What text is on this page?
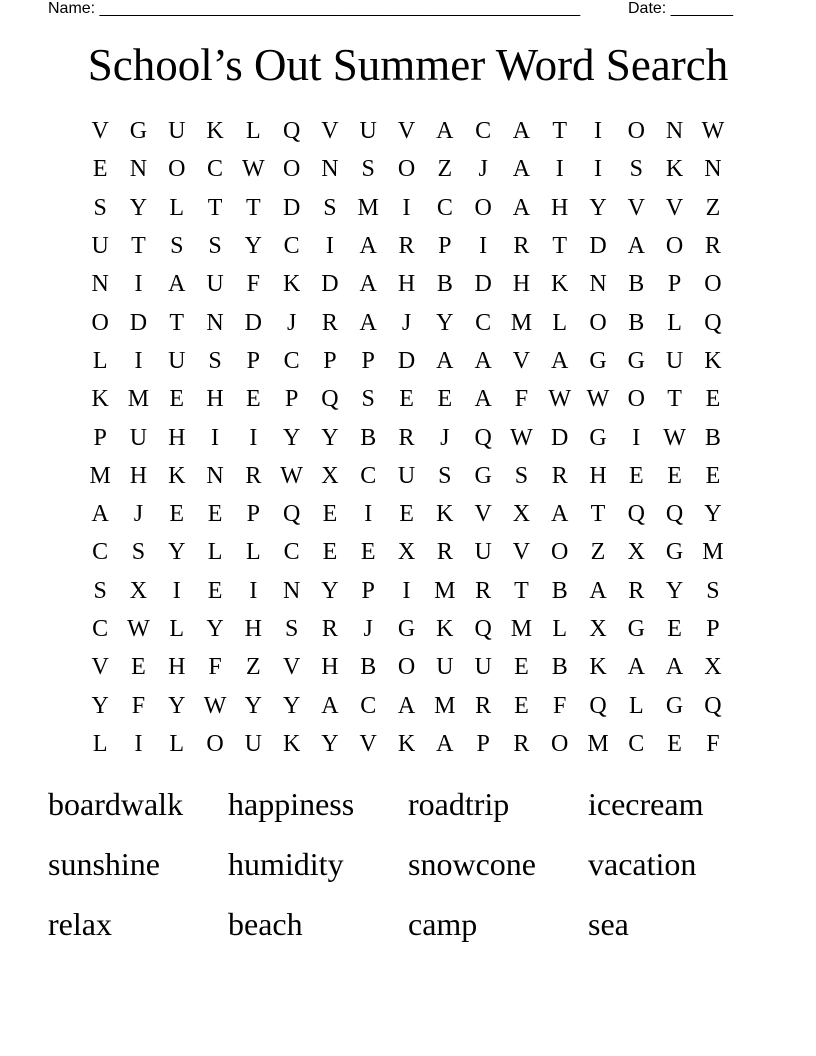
Name: ______________________________________________________	Date: _______
School’s Out Summer Word Search
V G U K L Q V U V A C A T	I	O N W
E N O C W O N S O Z	J	A	I	I	S K N
S Y L T T D S M I	C O A H Y V V Z
U T	S	S Y C	I	A R P	I	R T D A O R
N	I	A U F K D A H B D H K N B P O
O D T N D	J	R A	J	Y C M L O B L Q
L	I	U S	P C P	P D A A V A G G U K
K M E H E	P Q S	E E A F W W O T E
P U H	I	I	Y Y B R	J	Q W D G	I W B
M H K N R W X C U S G S R H E E E
A	J	E E	P Q E	I	E K V X A T Q Q Y
C S Y L L C E E X R U V O Z X G M
S X	I	E	I	N Y P	I M R T B A R Y S
C W L Y H S R	J	G K Q M L X G E	P
V E H F	Z V H B O U U E B K A A X
Y F Y W Y Y A C A M R E	F Q L G Q
L	I	L O U K Y V K A P R O M C E	F
boardwalk	happiness	roadtrip	icecream
sunshine	humidity	snowcone	vacation
relax	beach	camp	sea
